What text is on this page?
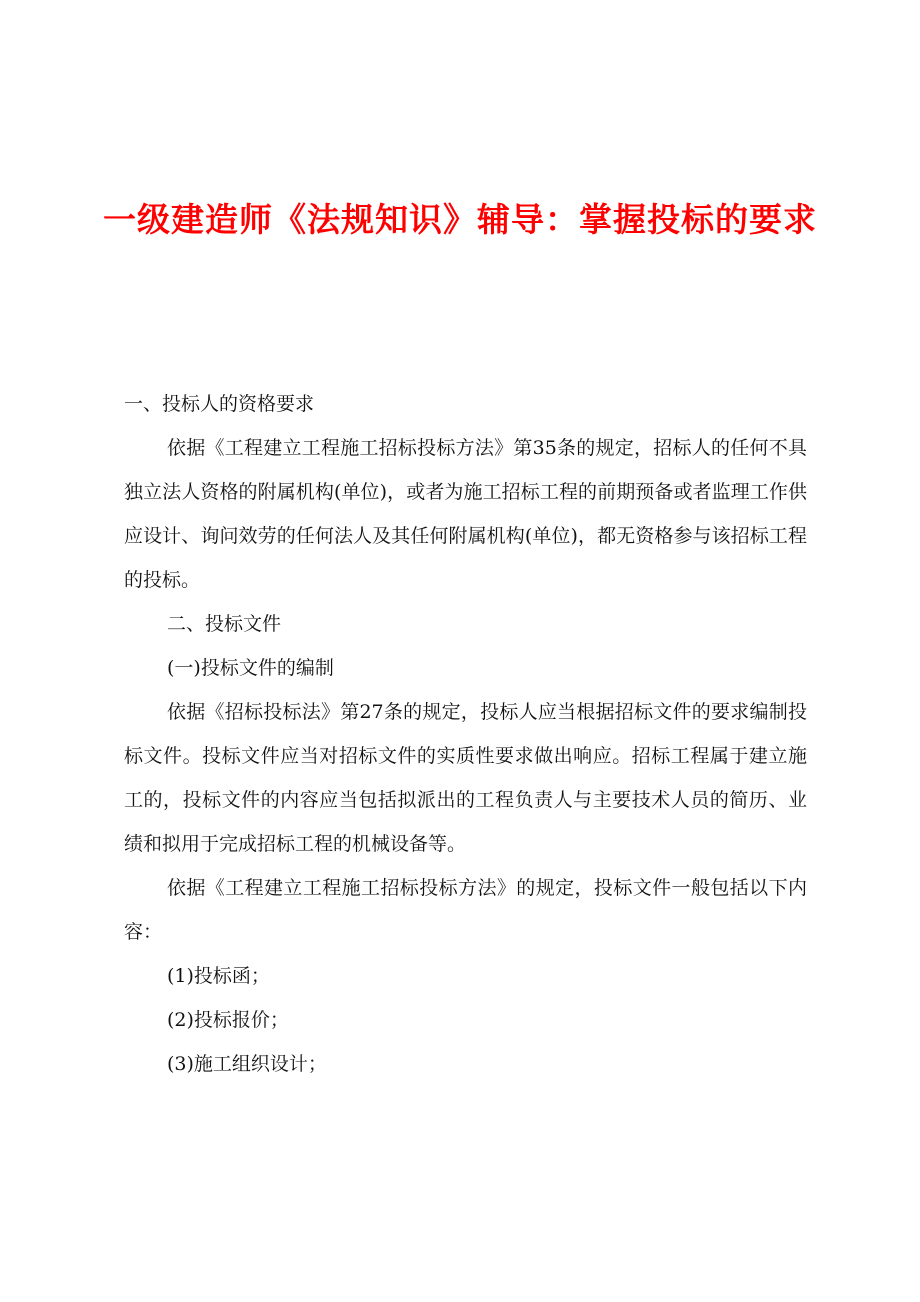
一级建造师《法规知识》辅导：掌握投标的要求

一、投标人的资格要求

依据《工程建立工程施工招标投标方法》第35条的规定，招标人的任何不具独立法人资格的附属机构(单位)，或者为施工招标工程的前期预备或者监理工作供应设计、询问效劳的任何法人及其任何附属机构(单位)，都无资格参与该招标工程的投标。

二、投标文件

(一)投标文件的编制

依据《招标投标法》第27条的规定，投标人应当根据招标文件的要求编制投标文件。投标文件应当对招标文件的实质性要求做出响应。招标工程属于建立施工的，投标文件的内容应当包括拟派出的工程负责人与主要技术人员的简历、业绩和拟用于完成招标工程的机械设备等。

依据《工程建立工程施工招标投标方法》的规定，投标文件一般包括以下内容：

(1)投标函；

(2)投标报价；

(3)施工组织设计；
